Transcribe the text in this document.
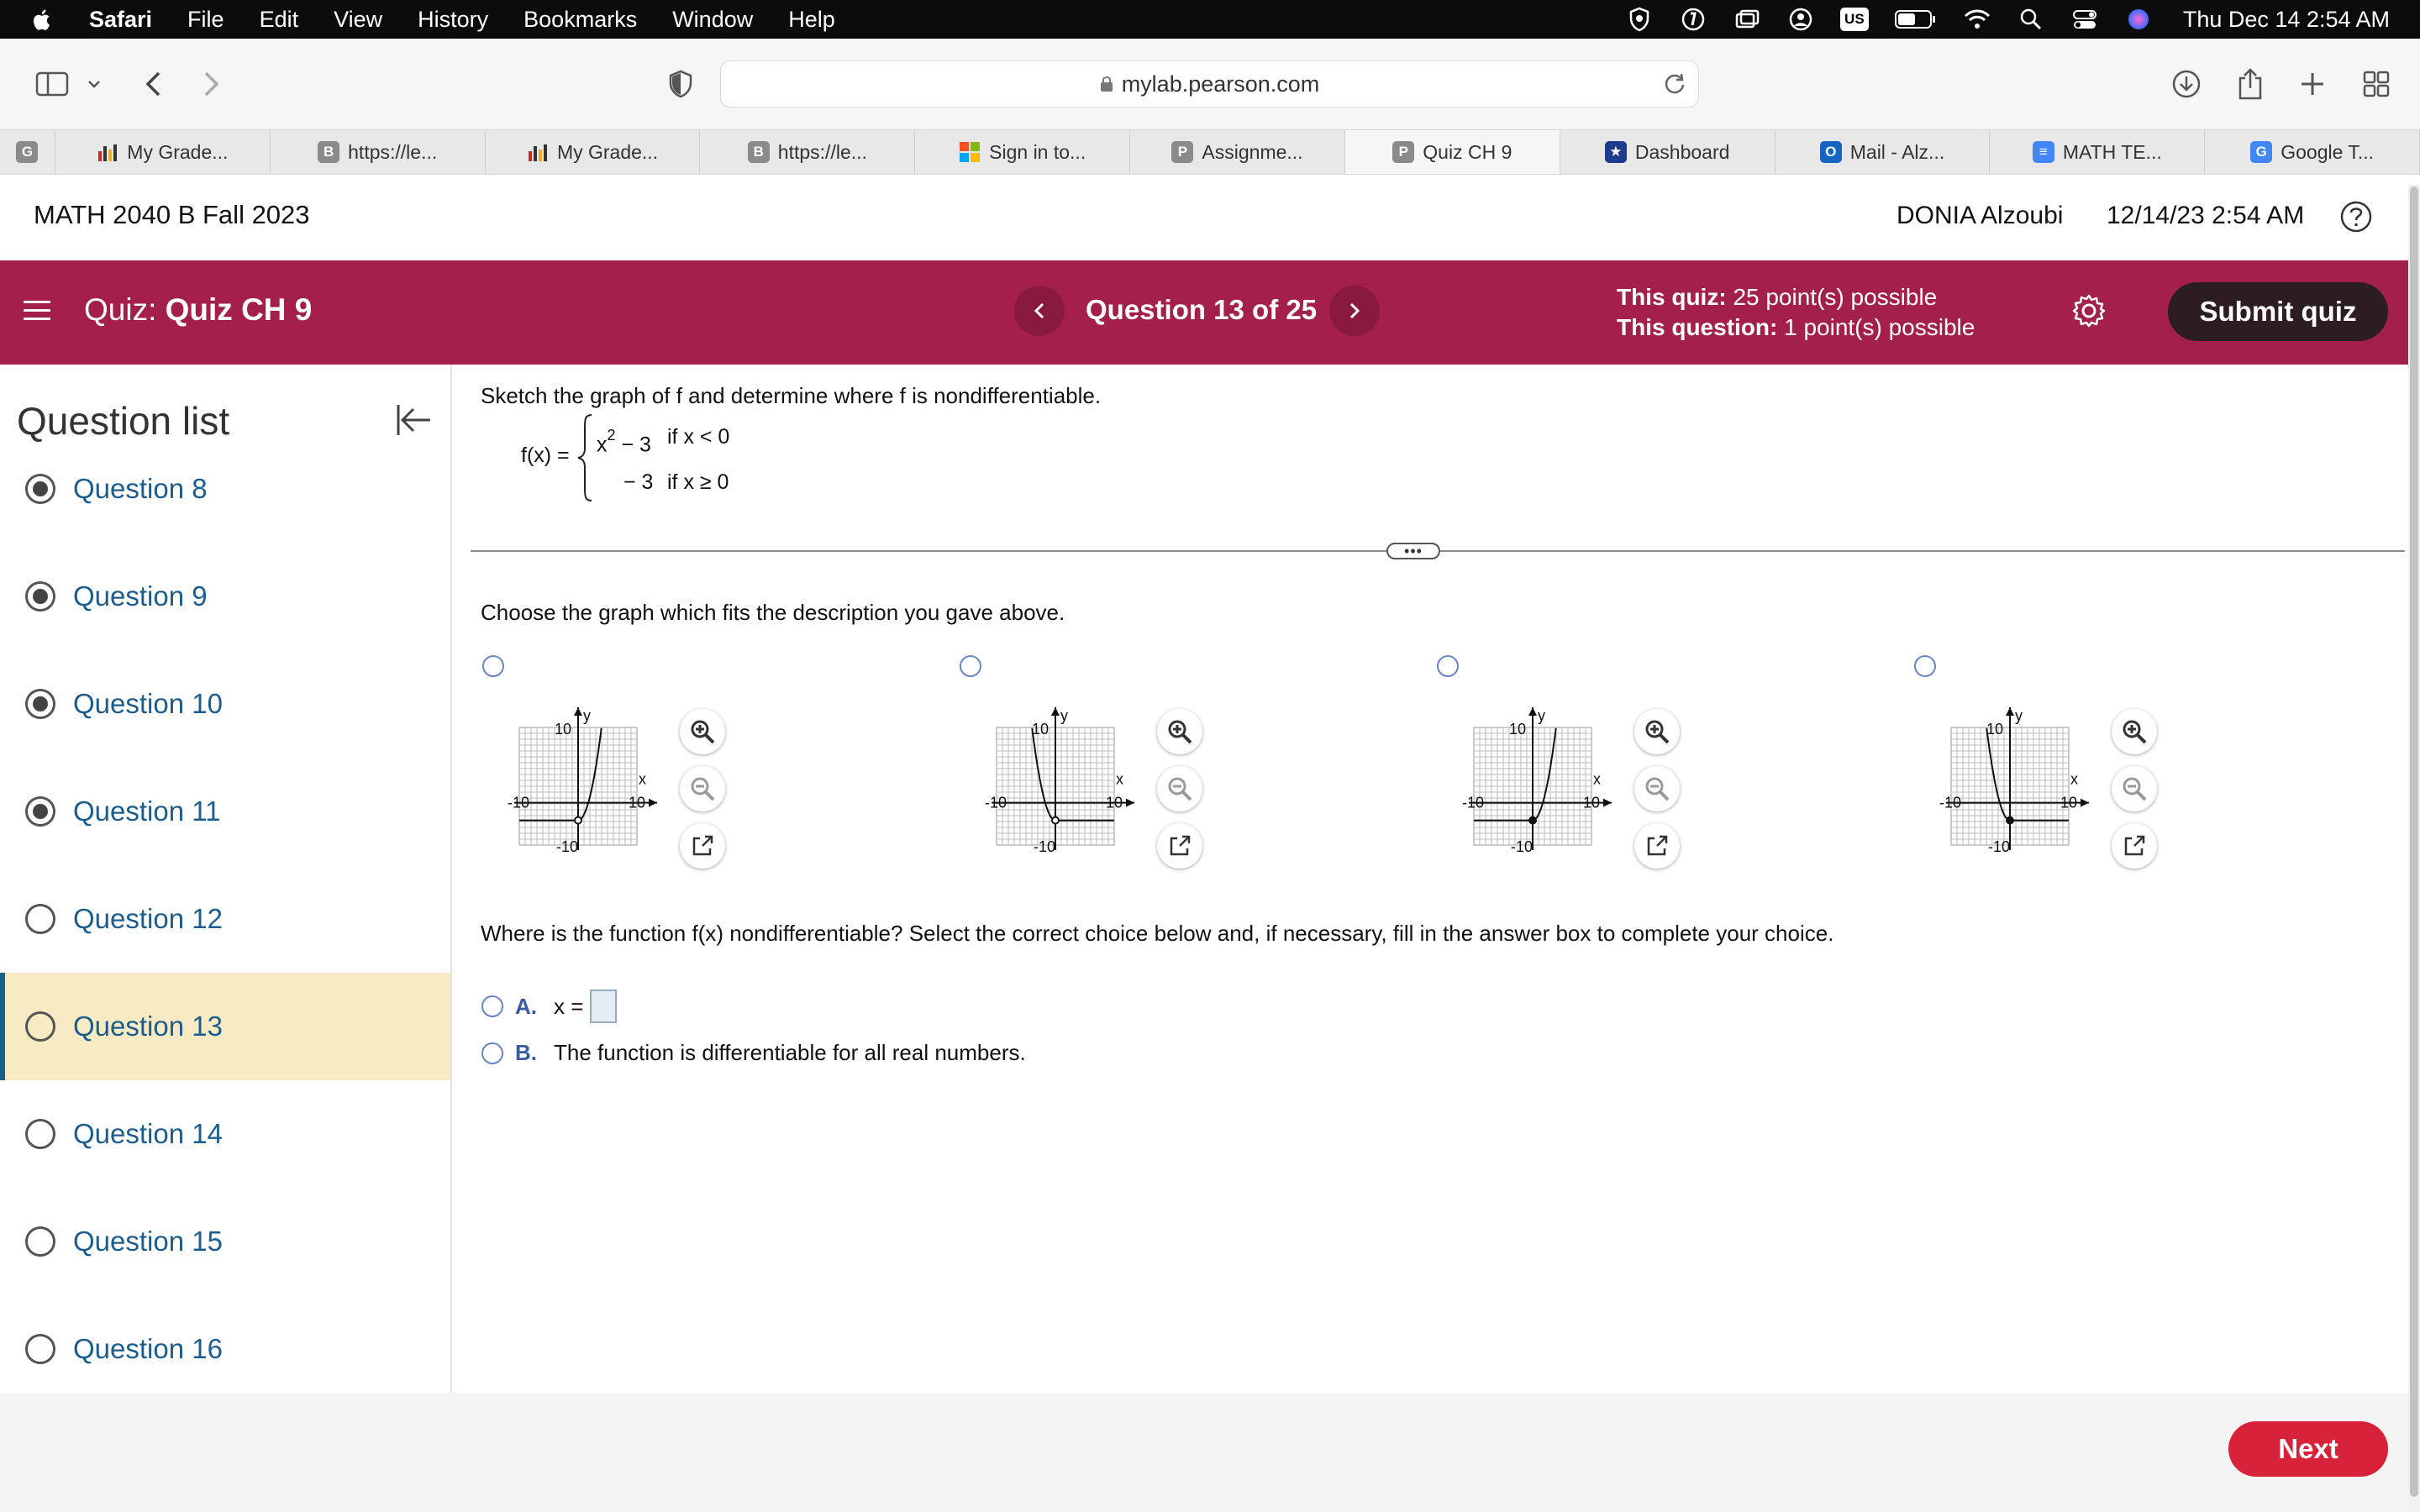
Safari File Edit View History Bookmarks Window Help	US	Thu Dec 14 2:54 AM
mylab.pearson.com
G	My Grade...	B https://le...	My Grade...	B https://le...	Sign in to...	P Assignme...	P Quiz CH 9	★ Dashboard	O Mail - Alz...	≡ MATH TE...	G Google T...
MATH 2040 B Fall 2023	DONIA Alzoubi 12/14/23 2:54 AM
Quiz: Quiz CH 9	Question 13 of 25	This quiz: 25 point(s) possible
This question: 1 point(s) possible
Submit quiz
Question list
Question 8
Question 9
Question 10
Question 11
Question 12
Question 13
Question 14
Question 15
Question 16
Sketch the graph of f and determine where f is nondifferentiable.
$f(x) = x^2 - 3$ if x < 0
− 3 if x ≥ 0
•••
Choose the graph which fits the description you gave above.
y
x
10
-10
-10	10
y
x
10
-10
-10	10
y
x
10
-10
-10	10
y
x
10
-10
-10	10
Where is the function f(x) nondifferentiable? Select the correct choice below and, if necessary, fill in the answer box to complete your choice.
A. x =
B. The function is differentiable for all real numbers.
Next
